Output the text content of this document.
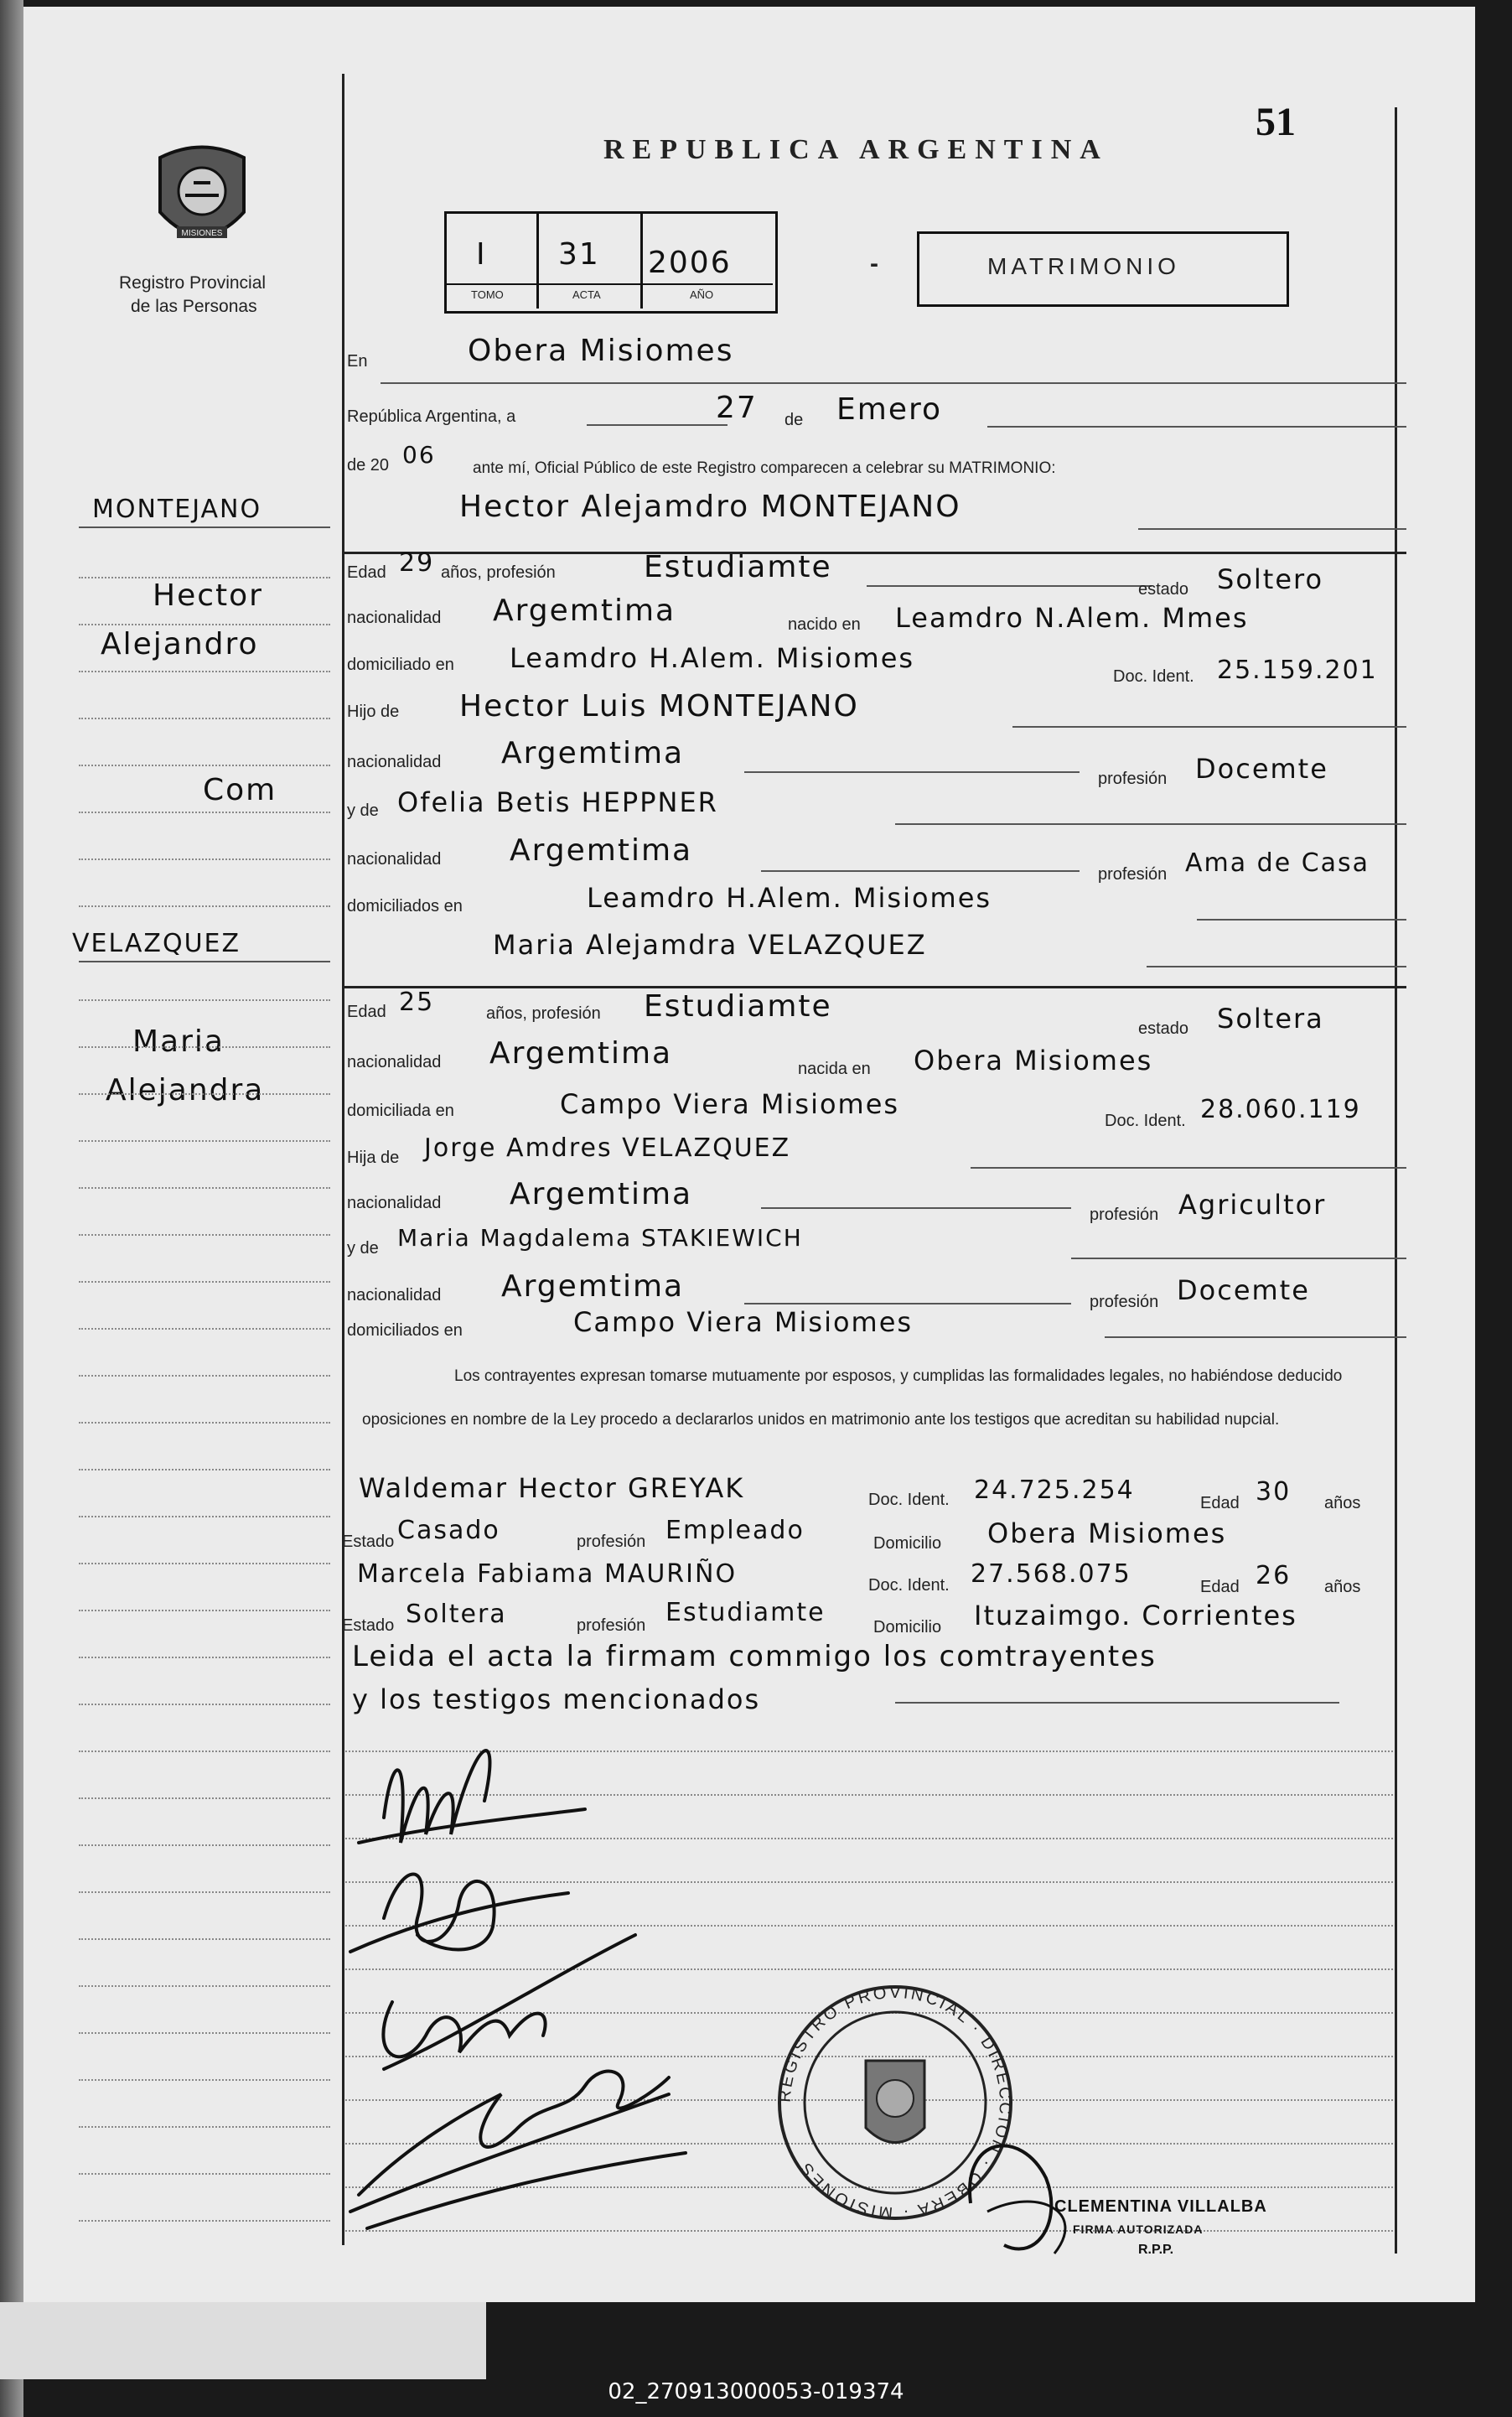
MISIONES
Registro Provincial
de las Personas
REPUBLICA ARGENTINA
51
I 31 2006
TOMO	ACTA	AÑO
-	MATRIMONIO
MONTEJANO
Hector
Alejandro
Com
VELAZQUEZ
Maria
Alejandra
En	Obera Misiomes
República Argentina, a	27 de Emero
de 20 06 ante mí, Oficial Público de este Registro comparecen a celebrar su MATRIMONIO:
Hector Alejamdro MONTEJANO
Edad 29 años, profesión	Estudiamte
estado Soltero
nacionalidad Argemtima	nacido en Leamdro N.Alem. Mmes
domiciliado en Leamdro H.Alem. Misiomes
Doc. Ident. 25.159.201
Hijo de Hector Luis MONTEJANO
nacionalidad Argemtima
profesión Docemte
y de Ofelia Betis HEPPNER
nacionalidad Argemtima
profesión Ama de Casa
domiciliados en	Leamdro H.Alem. Misiomes
Maria Alejamdra VELAZQUEZ
Edad 25	años, profesión Estudiamte
estado Soltera
nacionalidad Argemtima	nacida en Obera Misiomes
domiciliada en	Campo Viera Misiomes
Doc. Ident. 28.060.119
Hija de Jorge Amdres VELAZQUEZ
nacionalidad Argemtima
profesión Agricultor
y de Maria Magdalema STAKIEWICH
nacionalidad Argemtima	profesión Docemte
domiciliados en	Campo Viera Misiomes
Los contrayentes expresan tomarse mutuamente por esposos, y cumplidas las formalidades legales, no habiéndose deducido oposiciones en nombre de la Ley procedo a declararlos unidos en matrimonio ante los testigos que acreditan su habilidad nupcial.
Waldemar Hector GREYAK	Doc. Ident. 24.725.254	Edad 30 años
Estado Casado	profesión Empleado	Domicilio Obera Misiomes
Marcela Fabiama MAURIÑO	Doc. Ident. 27.568.075	Edad 26 años
Estado Soltera	profesión Estudiamte	Domicilio Ituzaimgo. Corrientes
Leida el acta la firmam commigo los comtrayentes
y los testigos mencionados
REGISTRO PROVINCIAL · DIRECCION · OBERA · MISIONES
CLEMENTINA VILLALBA
FIRMA AUTORIZADA
R.P.P.
02_270913000053-019374
